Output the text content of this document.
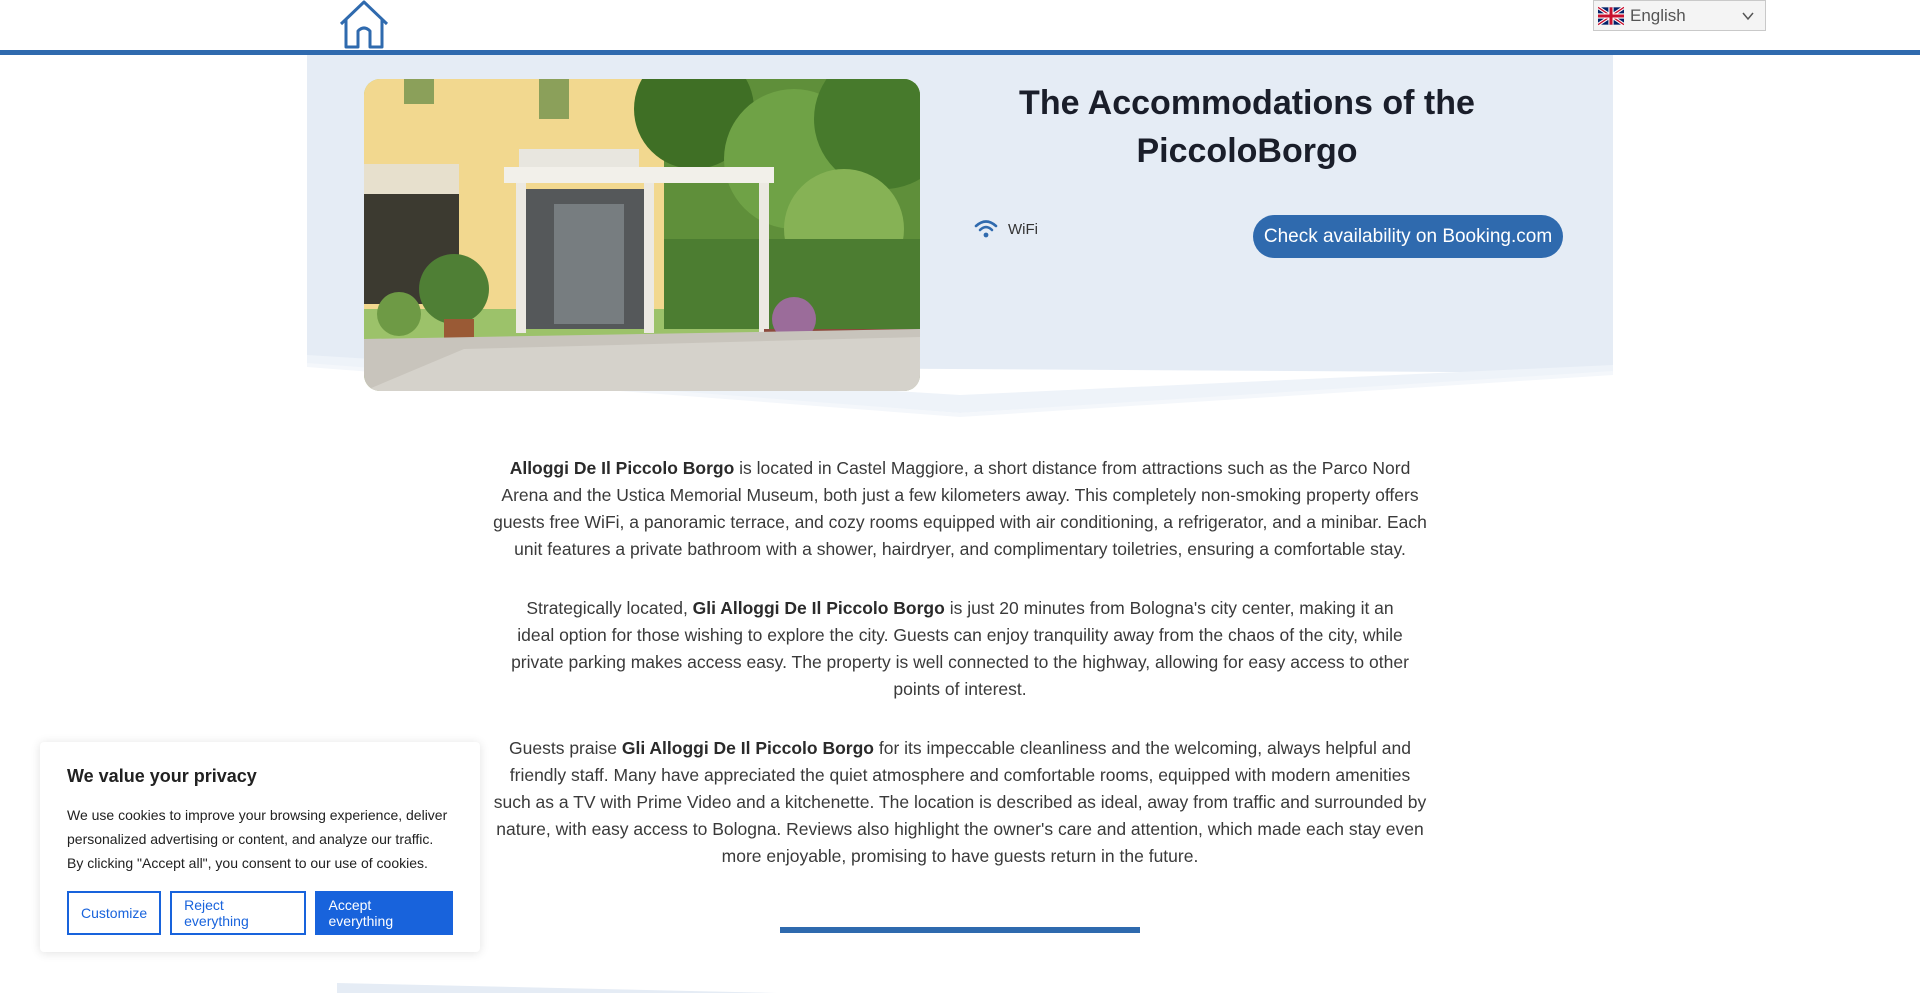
English
The Accommodations of the PiccoloBorgo
WiFi	Check availability on Booking.com

Alloggi De Il Piccolo Borgo is located in Castel Maggiore, a short distance from attractions such as the Parco Nord Arena and the Ustica Memorial Museum, both just a few kilometers away. This completely non-smoking property offers guests free WiFi, a panoramic terrace, and cozy rooms equipped with air conditioning, a refrigerator, and a minibar. Each unit features a private bathroom with a shower, hairdryer, and complimentary toiletries, ensuring a comfortable stay.

Strategically located, Gli Alloggi De Il Piccolo Borgo is just 20 minutes from Bologna's city center, making it an ideal option for those wishing to explore the city. Guests can enjoy tranquility away from the chaos of the city, while private parking makes access easy. The property is well connected to the highway, allowing for easy access to other points of interest.

Guests praise Gli Alloggi De Il Piccolo Borgo for its impeccable cleanliness and the welcoming, always helpful and friendly staff. Many have appreciated the quiet atmosphere and comfortable rooms, equipped with modern amenities such as a TV with Prime Video and a kitchenette. The location is described as ideal, away from traffic and surrounded by nature, with easy access to Bologna. Reviews also highlight the owner's care and attention, which made each stay even more enjoyable, promising to have guests return in the future.

We value your privacy
We use cookies to improve your browsing experience, deliver personalized advertising or content, and analyze our traffic. By clicking "Accept all", you consent to our use of cookies.
Customize	Reject everything
Accept everything
